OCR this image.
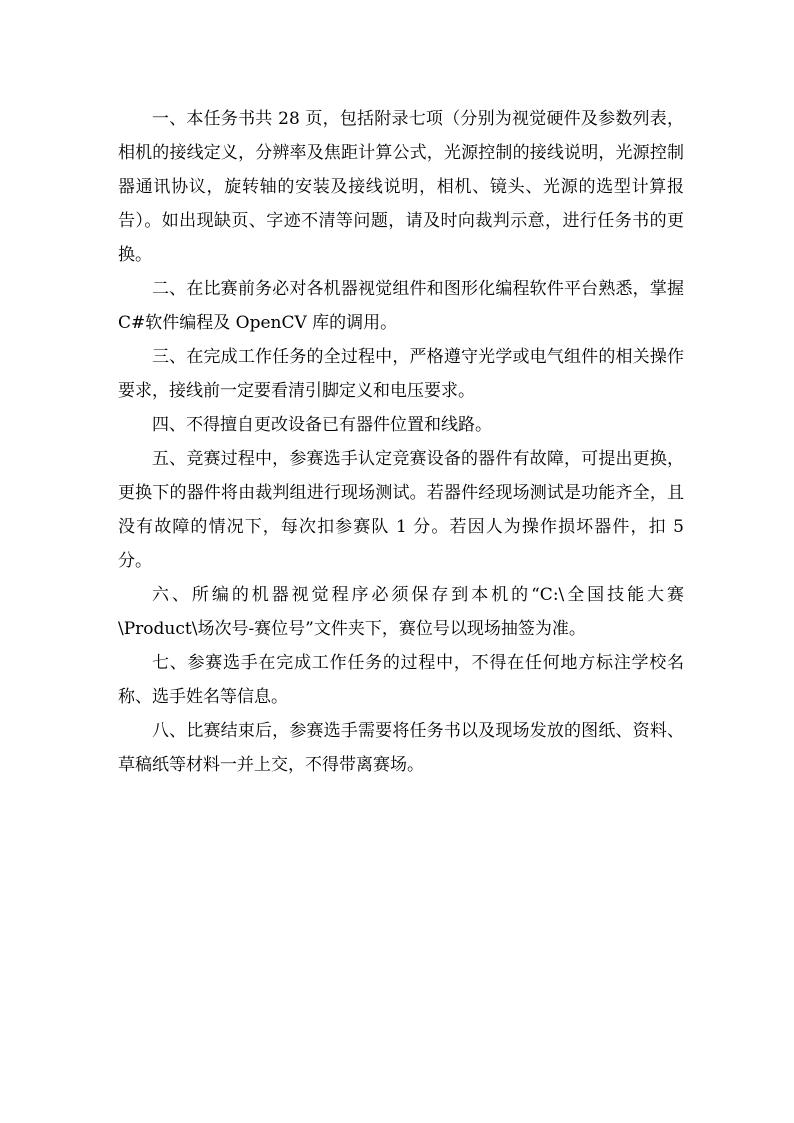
一、本任务书共 28 页，包括附录七项（分别为视觉硬件及参数列表，相机的接线定义，分辨率及焦距计算公式，光源控制的接线说明，光源控制器通讯协议，旋转轴的安装及接线说明，相机、镜头、光源的选型计算报告）。如出现缺页、字迹不清等问题，请及时向裁判示意，进行任务书的更换。

二、在比赛前务必对各机器视觉组件和图形化编程软件平台熟悉，掌握 C#软件编程及 OpenCV 库的调用。

三、在完成工作任务的全过程中，严格遵守光学或电气组件的相关操作要求，接线前一定要看清引脚定义和电压要求。

四、不得擅自更改设备已有器件位置和线路。

五、竞赛过程中，参赛选手认定竞赛设备的器件有故障，可提出更换，更换下的器件将由裁判组进行现场测试。若器件经现场测试是功能齐全，且没有故障的情况下，每次扣参赛队 1 分。若因人为操作损坏器件，扣 5 分。

六、所编的机器视觉程序必须保存到本机的“C:\全国技能大赛\Product\场次号-赛位号”文件夹下，赛位号以现场抽签为准。

七、参赛选手在完成工作任务的过程中，不得在任何地方标注学校名称、选手姓名等信息。

八、比赛结束后，参赛选手需要将任务书以及现场发放的图纸、资料、草稿纸等材料一并上交，不得带离赛场。
